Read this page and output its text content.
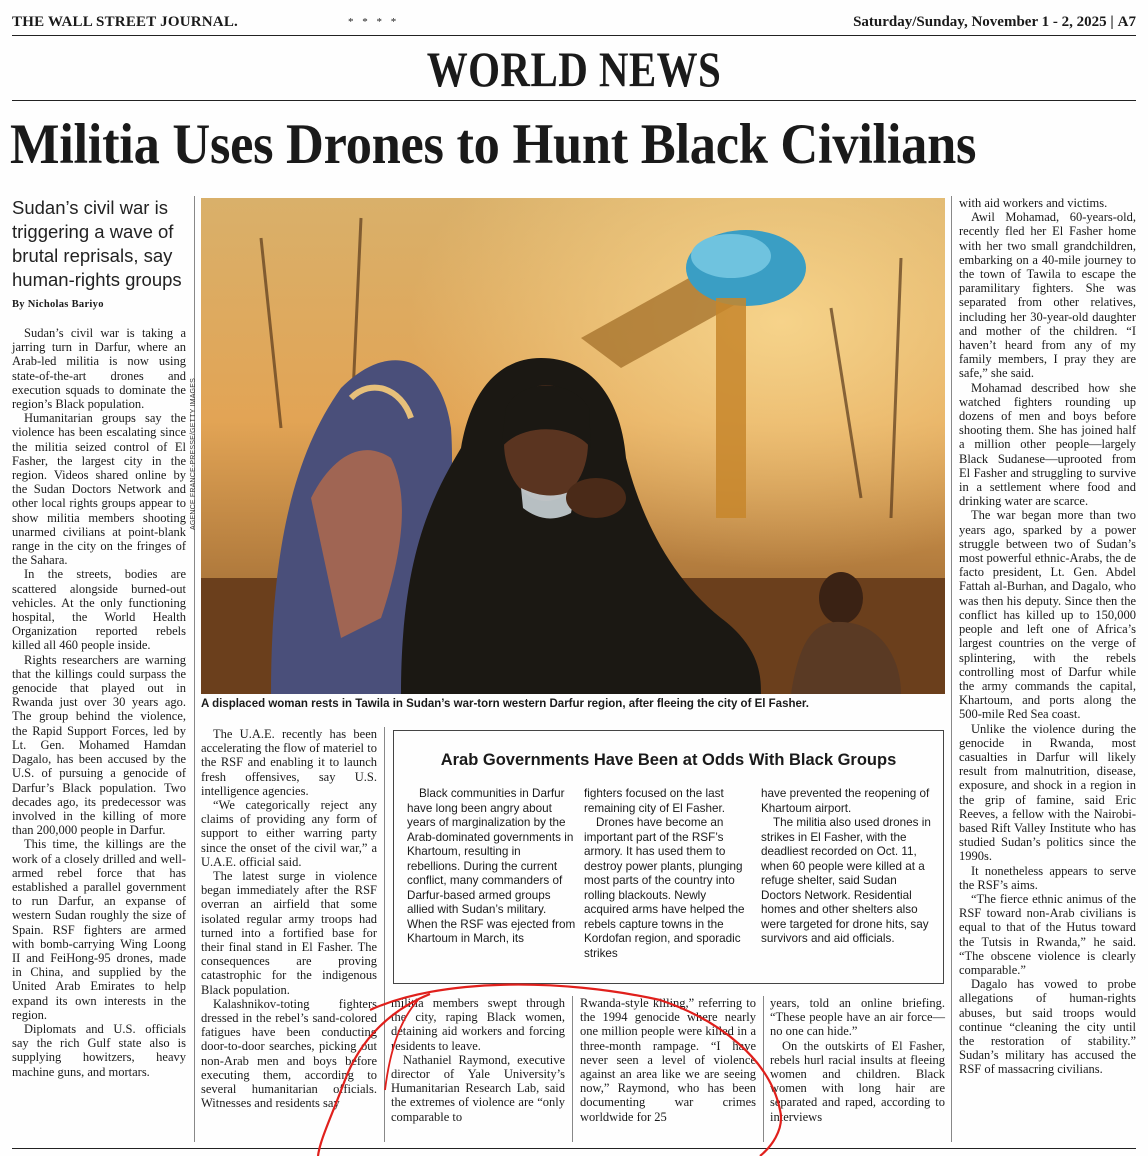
THE WALL STREET JOURNAL.	* * * *	Saturday/Sunday, November 1 - 2, 2025 | A7
WORLD NEWS
Militia Uses Drones to Hunt Black Civilians
Sudan’s civil war is triggering a wave of brutal reprisals, say human-rights groups
By Nicholas Bariyo

Sudan’s civil war is taking a jarring turn in Darfur, where an Arab-led militia is now using state-of-the-art drones and execution squads to dominate the region’s Black population.

Humanitarian groups say the violence has been escalating since the militia seized control of El Fasher, the largest city in the region. Videos shared online by the Sudan Doctors Network and other local rights groups appear to show militia members shooting unarmed civilians at point-blank range in the city on the fringes of the Sahara.

In the streets, bodies are scattered alongside burned-out vehicles. At the only functioning hospital, the World Health Organization reported rebels killed all 460 people inside.

Rights researchers are warning that the killings could surpass the genocide that played out in Rwanda just over 30 years ago. The group behind the violence, the Rapid Support Forces, led by Lt. Gen. Mohamed Hamdan Dagalo, has been accused by the U.S. of pursuing a genocide of Darfur’s Black population. Two decades ago, its predecessor was involved in the killing of more than 200,000 people in Darfur.

This time, the killings are the work of a closely drilled and well-armed rebel force that has established a parallel government to run Darfur, an expanse of western Sudan roughly the size of Spain. RSF fighters are armed with bomb-carrying Wing Loong II and FeiHong-95 drones, made in China, and supplied by the United Arab Emirates to help expand its own interests in the region.

Diplomats and U.S. officials say the rich Gulf state also is supplying howitzers, heavy machine guns, and mortars.

AGENCE FRANCE-PRESSE/GETTY IMAGES
A displaced woman rests in Tawila in Sudan’s war-torn western Darfur region, after fleeing the city of El Fasher.

The U.A.E. recently has been accelerating the flow of materiel to the RSF and enabling it to launch fresh offensives, say U.S. intelligence agencies.

“We categorically reject any claims of providing any form of support to either warring party since the onset of the civil war,” a U.A.E. official said.

The latest surge in violence began immediately after the RSF overran an airfield that some isolated regular army troops had turned into a fortified base for their final stand in El Fasher. The consequences are proving catastrophic for the indigenous Black population.

Kalashnikov-toting fighters dressed in the rebel’s sand-colored fatigues have been conducting door-to-door searches, picking out non-Arab men and boys before executing them, according to several humanitarian officials. Witnesses and residents say

Arab Governments Have Been at Odds With Black Groups

Black communities in Darfur have long been angry about years of marginalization by the Arab-dominated governments in Khartoum, resulting in rebellions. During the current conflict, many commanders of Darfur-based armed groups allied with Sudan’s military. When the RSF was ejected from Khartoum in March, its

fighters focused on the last remaining city of El Fasher.

Drones have become an important part of the RSF’s armory. It has used them to destroy power plants, plunging most parts of the country into rolling blackouts. Newly acquired arms have helped the rebels capture towns in the Kordofan region, and sporadic strikes

have prevented the reopening of Khartoum airport.

The militia also used drones in strikes in El Fasher, with the deadliest recorded on Oct. 11, when 60 people were killed at a refuge shelter, said Sudan Doctors Network. Residential homes and other shelters also were targeted for drone hits, say survivors and aid officials.

militia members swept through the city, raping Black women, detaining aid workers and forcing residents to leave.

Nathaniel Raymond, executive director of Yale University’s Humanitarian Research Lab, said the extremes of violence are “only comparable to

Rwanda-style killing,” referring to the 1994 genocide where nearly one million people were killed in a three-month rampage. “I have never seen a level of violence against an area like we are seeing now,” Raymond, who has been documenting war crimes worldwide for 25

years, told an online briefing. “These people have an air force—no one can hide.”

On the outskirts of El Fasher, rebels hurl racial insults at fleeing women and children. Black women with long hair are separated and raped, according to interviews

with aid workers and victims.

Awil Mohamad, 60-years-old, recently fled her El Fasher home with her two small grandchildren, embarking on a 40-mile journey to the town of Tawila to escape the paramilitary fighters. She was separated from other relatives, including her 30-year-old daughter and mother of the children. “I haven’t heard from any of my family members, I pray they are safe,” she said.

Mohamad described how she watched fighters rounding up dozens of men and boys before shooting them. She has joined half a million other people—largely Black Sudanese—uprooted from El Fasher and struggling to survive in a settlement where food and drinking water are scarce.

The war began more than two years ago, sparked by a power struggle between two of Sudan’s most powerful ethnic-Arabs, the de facto president, Lt. Gen. Abdel Fattah al-Burhan, and Dagalo, who was then his deputy. Since then the conflict has killed up to 150,000 people and left one of Africa’s largest countries on the verge of splintering, with the rebels controlling most of Darfur while the army commands the capital, Khartoum, and ports along the 500-mile Red Sea coast.

Unlike the violence during the genocide in Rwanda, most casualties in Darfur will likely result from malnutrition, disease, exposure, and shock in a region in the grip of famine, said Eric Reeves, a fellow with the Nairobi-based Rift Valley Institute who has studied Sudan’s politics since the 1990s.

It nonetheless appears to serve the RSF’s aims.

“The fierce ethnic animus of the RSF toward non-Arab civilians is equal to that of the Hutus toward the Tutsis in Rwanda,” he said. “The obscene violence is clearly comparable.”

Dagalo has vowed to probe allegations of human-rights abuses, but said troops would continue “cleaning the city until the restoration of stability.” Sudan’s military has accused the RSF of massacring civilians.
